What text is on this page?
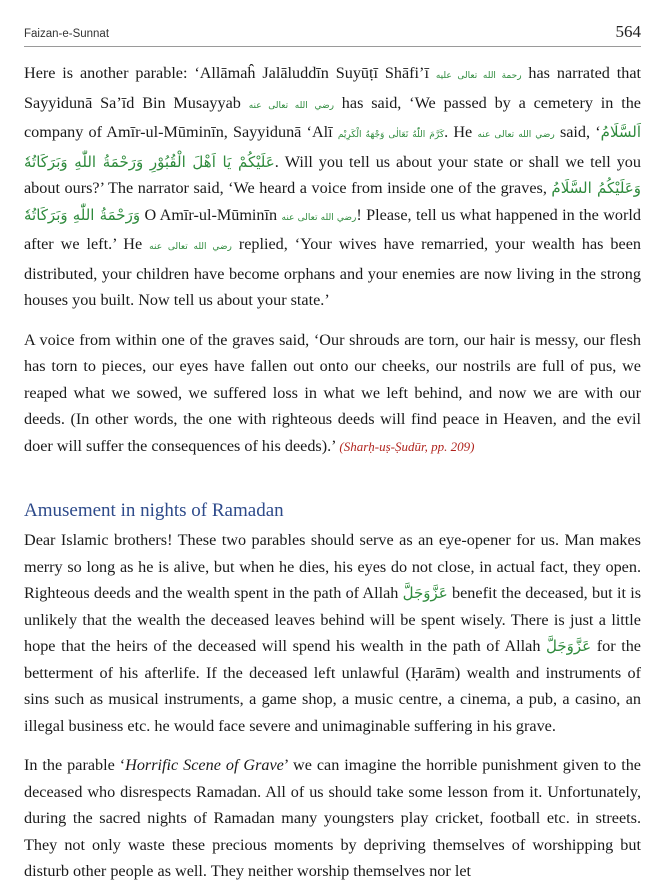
Faizan-e-Sunnat	564

Here is another parable: ‘Allāmaĥ Jalāluddīn Suyūṭī Shāfi’ī رحمة الله تعالى عليه has narrated that Sayyidunā Sa’īd Bin Musayyab رضي الله تعالى عنه has said, ‘We passed by a cemetery in the company of Amīr-ul-Mūminīn, Sayyidunā ‘Alī كَرَّمَ اللّٰهُ تَعَالٰى وَجْهَهُ الْكَرِيْم. He رضي الله تعالى عنه said, ‘اَلسَّلَامُ عَلَيْكُمْ يَا اَهْلَ الْقُبُوْرِ وَرَحْمَةُ اللّٰهِ وَبَرَكَاتُهٗ. Will you tell us about your state or shall we tell you about ours?’ The narrator said, ‘We heard a voice from inside one of the graves, وَعَلَيْكُمُ السَّلَامُ وَرَحْمَةُ اللّٰهِ وَبَرَكَاتُهٗ O Amīr-ul-Mūminīn رضي الله تعالى عنه! Please, tell us what happened in the world after we left.’ He رضي الله تعالى عنه replied, ‘Your wives have remarried, your wealth has been distributed, your children have become orphans and your enemies are now living in the strong houses you built. Now tell us about your state.’

A voice from within one of the graves said, ‘Our shrouds are torn, our hair is messy, our flesh has torn to pieces, our eyes have fallen out onto our cheeks, our nostrils are full of pus, we reaped what we sowed, we suffered loss in what we left behind, and now we are with our deeds. (In other words, the one with righteous deeds will find peace in Heaven, and the evil doer will suffer the consequences of his deeds).’ (Sharḥ-uṣ-Ṣudūr, pp. 209)

Amusement in nights of Ramadan

Dear Islamic brothers! These two parables should serve as an eye-opener for us. Man makes merry so long as he is alive, but when he dies, his eyes do not close, in actual fact, they open. Righteous deeds and the wealth spent in the path of Allah عَزَّوَجَلَّ benefit the deceased, but it is unlikely that the wealth the deceased leaves behind will be spent wisely. There is just a little hope that the heirs of the deceased will spend his wealth in the path of Allah عَزَّوَجَلَّ for the betterment of his afterlife. If the deceased left unlawful (Ḥarām) wealth and instruments of sins such as musical instruments, a game shop, a music centre, a cinema, a pub, a casino, an illegal business etc. he would face severe and unimaginable suffering in his grave.

In the parable ‘Horrific Scene of Grave’ we can imagine the horrible punishment given to the deceased who disrespects Ramadan. All of us should take some lesson from it. Unfortunately, during the sacred nights of Ramadan many youngsters play cricket, football etc. in streets. They not only waste these precious moments by depriving themselves of worshipping but disturb other people as well. They neither worship themselves nor let
